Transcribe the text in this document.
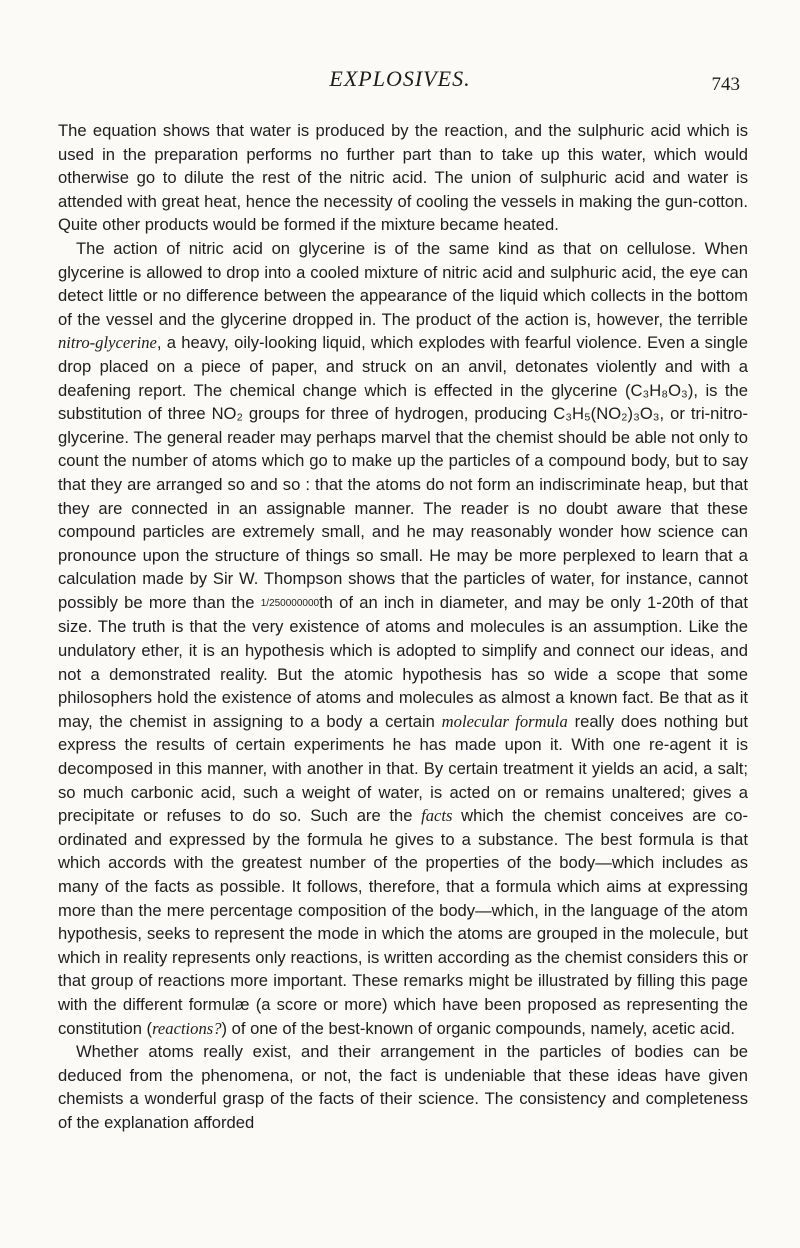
EXPLOSIVES.	743

The equation shows that water is produced by the reaction, and the sulphuric acid which is used in the preparation performs no further part than to take up this water, which would otherwise go to dilute the rest of the nitric acid. The union of sulphuric acid and water is attended with great heat, hence the necessity of cooling the vessels in making the gun-cotton. Quite other products would be formed if the mixture became heated.

The action of nitric acid on glycerine is of the same kind as that on cellulose. When glycerine is allowed to drop into a cooled mixture of nitric acid and sulphuric acid, the eye can detect little or no difference between the appearance of the liquid which collects in the bottom of the vessel and the glycerine dropped in. The product of the action is, however, the terrible nitro-glycerine, a heavy, oily-looking liquid, which explodes with fearful violence. Even a single drop placed on a piece of paper, and struck on an anvil, detonates violently and with a deafening report. The chemical change which is effected in the glycerine (C₃H₈O₃), is the substitution of three NO₂ groups for three of hydrogen, producing C₃H₅(NO₂)₃O₃, or tri-nitro-glycerine. The general reader may perhaps marvel that the chemist should be able not only to count the number of atoms which go to make up the particles of a compound body, but to say that they are arranged so and so : that the atoms do not form an indiscriminate heap, but that they are connected in an assignable manner. The reader is no doubt aware that these compound particles are extremely small, and he may reasonably wonder how science can pronounce upon the structure of things so small. He may be more perplexed to learn that a calculation made by Sir W. Thompson shows that the particles of water, for instance, cannot possibly be more than the 1/250000000th of an inch in diameter, and may be only 1-20th of that size. The truth is that the very existence of atoms and molecules is an assumption. Like the undulatory ether, it is an hypothesis which is adopted to simplify and connect our ideas, and not a demonstrated reality. But the atomic hypothesis has so wide a scope that some philosophers hold the existence of atoms and molecules as almost a known fact. Be that as it may, the chemist in assigning to a body a certain molecular formula really does nothing but express the results of certain experiments he has made upon it. With one re-agent it is decomposed in this manner, with another in that. By certain treatment it yields an acid, a salt; so much carbonic acid, such a weight of water, is acted on or remains unaltered; gives a precipitate or refuses to do so. Such are the facts which the chemist conceives are co-ordinated and expressed by the formula he gives to a substance. The best formula is that which accords with the greatest number of the properties of the body—which includes as many of the facts as possible. It follows, therefore, that a formula which aims at expressing more than the mere percentage composition of the body—which, in the language of the atom hypothesis, seeks to represent the mode in which the atoms are grouped in the molecule, but which in reality represents only reactions, is written according as the chemist considers this or that group of reactions more important. These remarks might be illustrated by filling this page with the different formulæ (a score or more) which have been proposed as representing the constitution (reactions?) of one of the best-known of organic compounds, namely, acetic acid.

Whether atoms really exist, and their arrangement in the particles of bodies can be deduced from the phenomena, or not, the fact is undeniable that these ideas have given chemists a wonderful grasp of the facts of their science. The consistency and completeness of the explanation afforded
